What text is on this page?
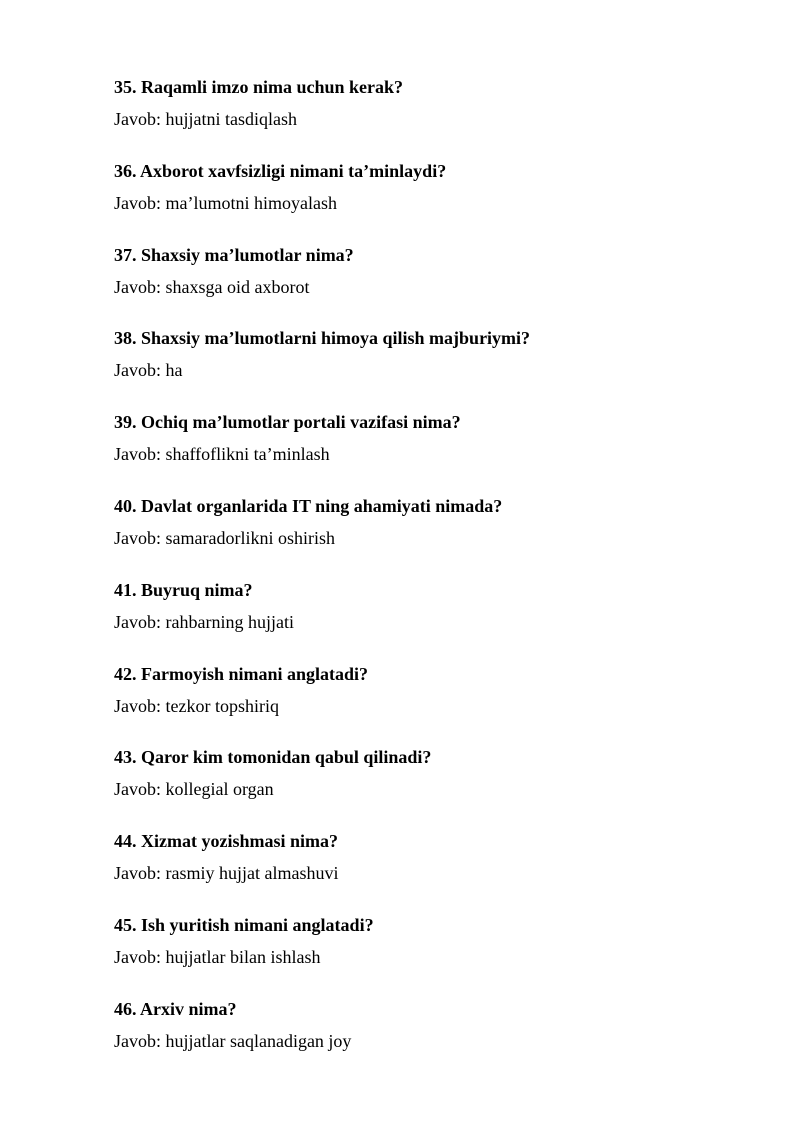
35. Raqamli imzo nima uchun kerak?
Javob: hujjatni tasdiqlash
36. Axborot xavfsizligi nimani ta’minlaydi?
Javob: ma’lumotni himoyalash
37. Shaxsiy ma’lumotlar nima?
Javob: shaxsga oid axborot
38. Shaxsiy ma’lumotlarni himoya qilish majburiymi?
Javob: ha
39. Ochiq ma’lumotlar portali vazifasi nima?
Javob: shaffoflikni ta’minlash
40. Davlat organlarida IT ning ahamiyati nimada?
Javob: samaradorlikni oshirish
41. Buyruq nima?
Javob: rahbarning hujjati
42. Farmoyish nimani anglatadi?
Javob: tezkor topshiriq
43. Qaror kim tomonidan qabul qilinadi?
Javob: kollegial organ
44. Xizmat yozishmasi nima?
Javob: rasmiy hujjat almashuvi
45. Ish yuritish nimani anglatadi?
Javob: hujjatlar bilan ishlash
46. Arxiv nima?
Javob: hujjatlar saqlanadigan joy
